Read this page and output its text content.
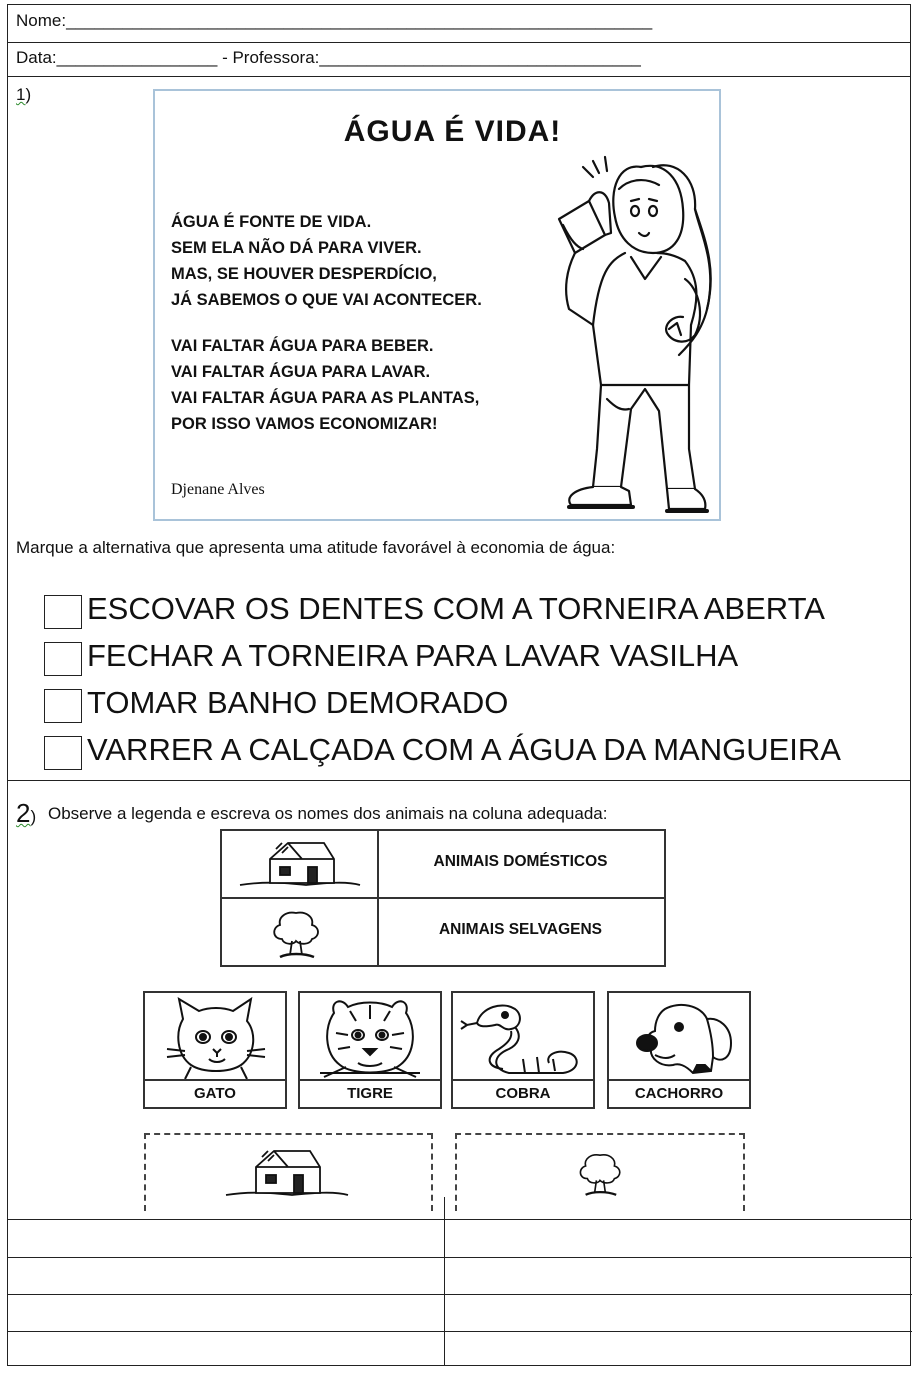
Nome:______________________________________________________________
Data:_________________ - Professora:__________________________________
1)
ÁGUA É VIDA!
ÁGUA É FONTE DE VIDA.
SEM ELA NÃO DÁ PARA VIVER.
MAS, SE HOUVER DESPERDÍCIO,
JÁ SABEMOS O QUE VAI ACONTECER.
VAI FALTAR ÁGUA PARA BEBER.
VAI FALTAR ÁGUA PARA LAVAR.
VAI FALTAR ÁGUA PARA AS PLANTAS,
POR ISSO VAMOS ECONOMIZAR!
Djenane Alves
Marque a alternativa que apresenta uma atitude favorável à economia de água:
ESCOVAR OS DENTES COM A TORNEIRA ABERTA
FECHAR A TORNEIRA PARA LAVAR VASILHA
TOMAR BANHO DEMORADO
VARRER A CALÇADA COM A ÁGUA DA MANGUEIRA
2) Observe a legenda e escreva os nomes dos animais na coluna adequada:
ANIMAIS DOMÉSTICOS
ANIMAIS SELVAGENS
GATO	TIGRE	COBRA	CACHORRO
